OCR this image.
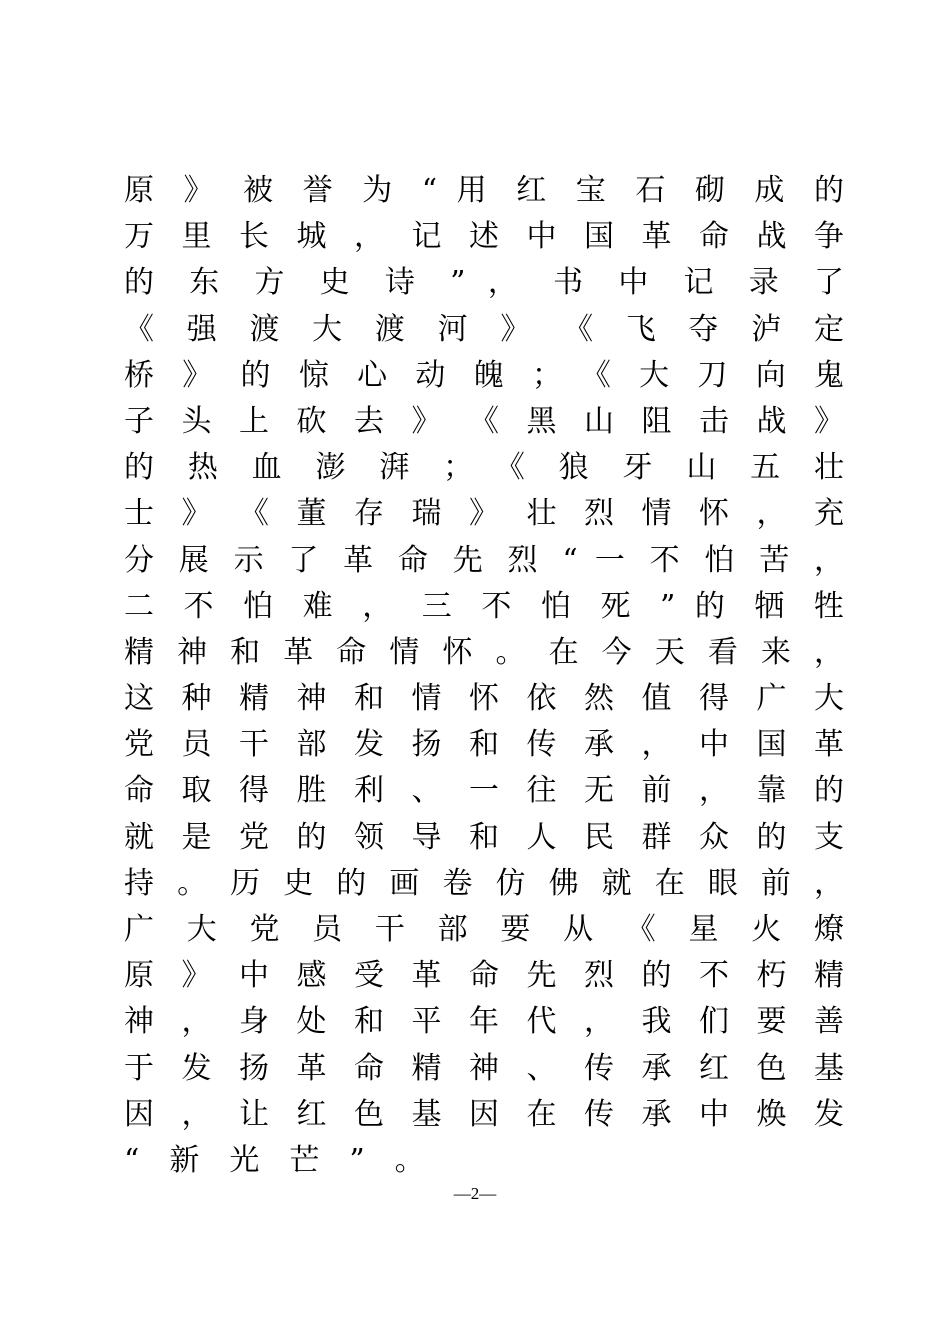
原 》 被 誉 为 “ 用 红 宝 石 砌 成 的
万 里 长 城 ， 记 述 中 国 革 命 战 争
的 东 方 史 诗 ” ， 书 中 记 录 了
《 强 渡 大 渡 河 》 《 飞 夺 泸 定
桥 》 的 惊 心 动 魄 ； 《 大 刀 向 鬼
子 头 上 砍 去 》 《 黑 山 阻 击 战 》
的 热 血 澎 湃 ； 《 狼 牙 山 五 壮
士 》 《 董 存 瑞 》 壮 烈 情 怀 ， 充
分 展 示 了 革 命 先 烈 “ 一 不 怕 苦 ，
二 不 怕 难 ， 三 不 怕 死 ” 的 牺 牲
精 神 和 革 命 情 怀 。 在 今 天 看 来 ，
这 种 精 神 和 情 怀 依 然 值 得 广 大
党 员 干 部 发 扬 和 传 承 ， 中 国 革
命 取 得 胜 利 、 一 往 无 前 ， 靠 的
就 是 党 的 领 导 和 人 民 群 众 的 支
持 。 历 史 的 画 卷 仿 佛 就 在 眼 前 ，
广 大 党 员 干 部 要 从 《 星 火 燎
原 》 中 感 受 革 命 先 烈 的 不 朽 精
神 ， 身 处 和 平 年 代 ， 我 们 要 善
于 发 扬 革 命 精 神 、 传 承 红 色 基
因 ， 让 红 色 基 因 在 传 承 中 焕 发
“新光芒”。
—2—
